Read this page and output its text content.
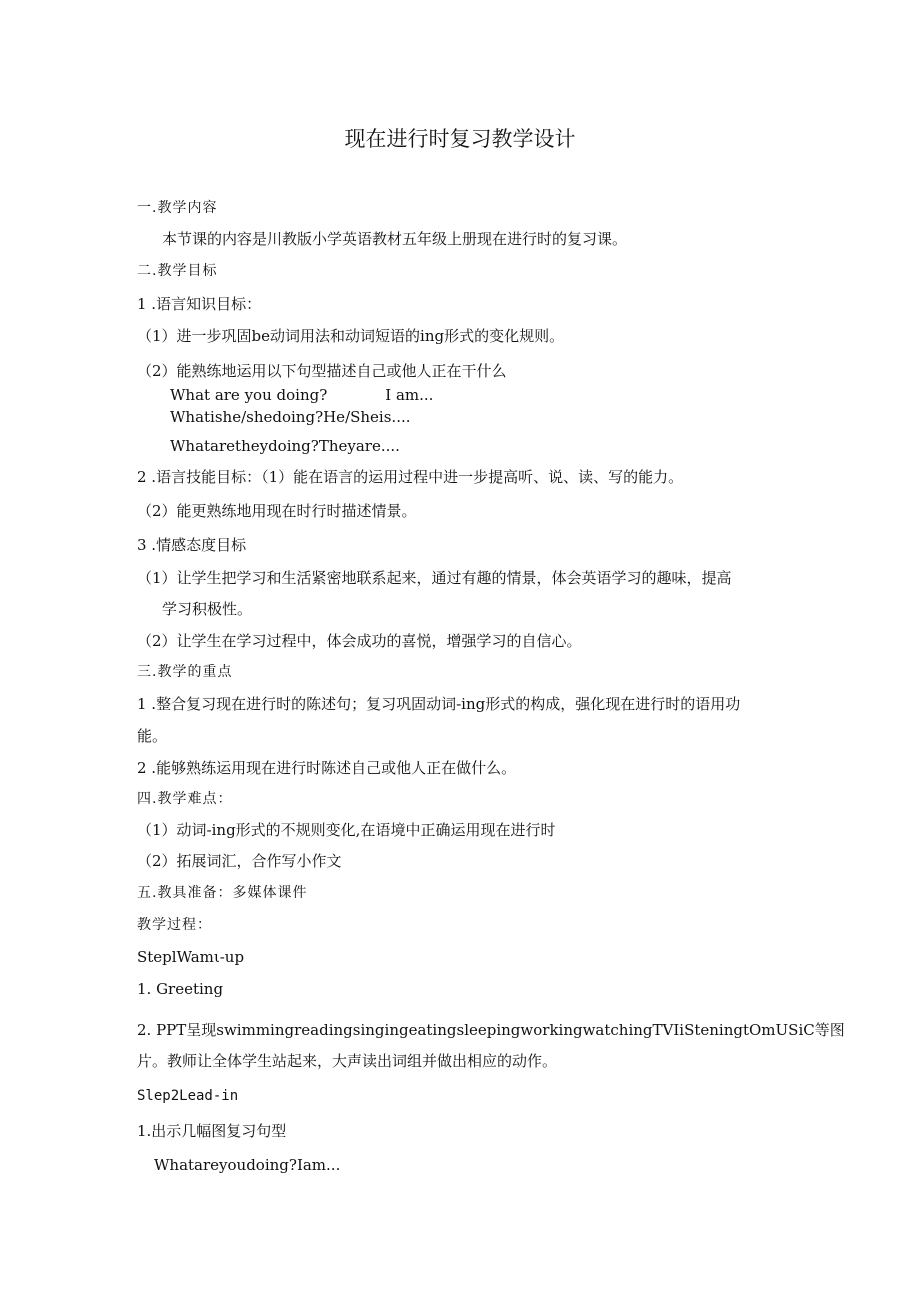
现在进行时复习教学设计
一.教学内容
本节课的内容是川教版小学英语教材五年级上册现在进行时的复习课。
二.教学目标
1 .语言知识目标：
（1）进一步巩固be动词用法和动词短语的ing形式的变化规则。
（2）能熟练地运用以下句型描述自己或他人正在干什么
What are you doing?	I am...
Whatishe/shedoing?He/Sheis....
Whataretheydoing?Theyare....
2 .语言技能目标：（1）能在语言的运用过程中进一步提高听、说、读、写的能力。
（2）能更熟练地用现在时行时描述情景。
3 .情感态度目标
（1）让学生把学习和生活紧密地联系起来，通过有趣的情景，体会英语学习的趣味，提高
学习积极性。
（2）让学生在学习过程中，体会成功的喜悦，增强学习的自信心。
三.教学的重点
1 .整合复习现在进行时的陈述句；复习巩固动词-ing形式的构成，强化现在进行时的语用功
能。
2 .能够熟练运用现在进行时陈述自己或他人正在做什么。
四.教学难点：
（1）动词-ing形式的不规则变化,在语境中正确运用现在进行时
（2）拓展词汇，合作写小作文
五.教具准备：多媒体课件
教学过程：
SteplWamι-up
1. Greeting
2. PPT呈现swimmingreadingsingingeatingsleepingworkingwatchingTVIiSteningtOmUSiC等图
片。教师让全体学生站起来，大声读出词组并做出相应的动作。
Slep2Lead-in
1.出示几幅图复习句型
Whatareyoudoing?Iam...
